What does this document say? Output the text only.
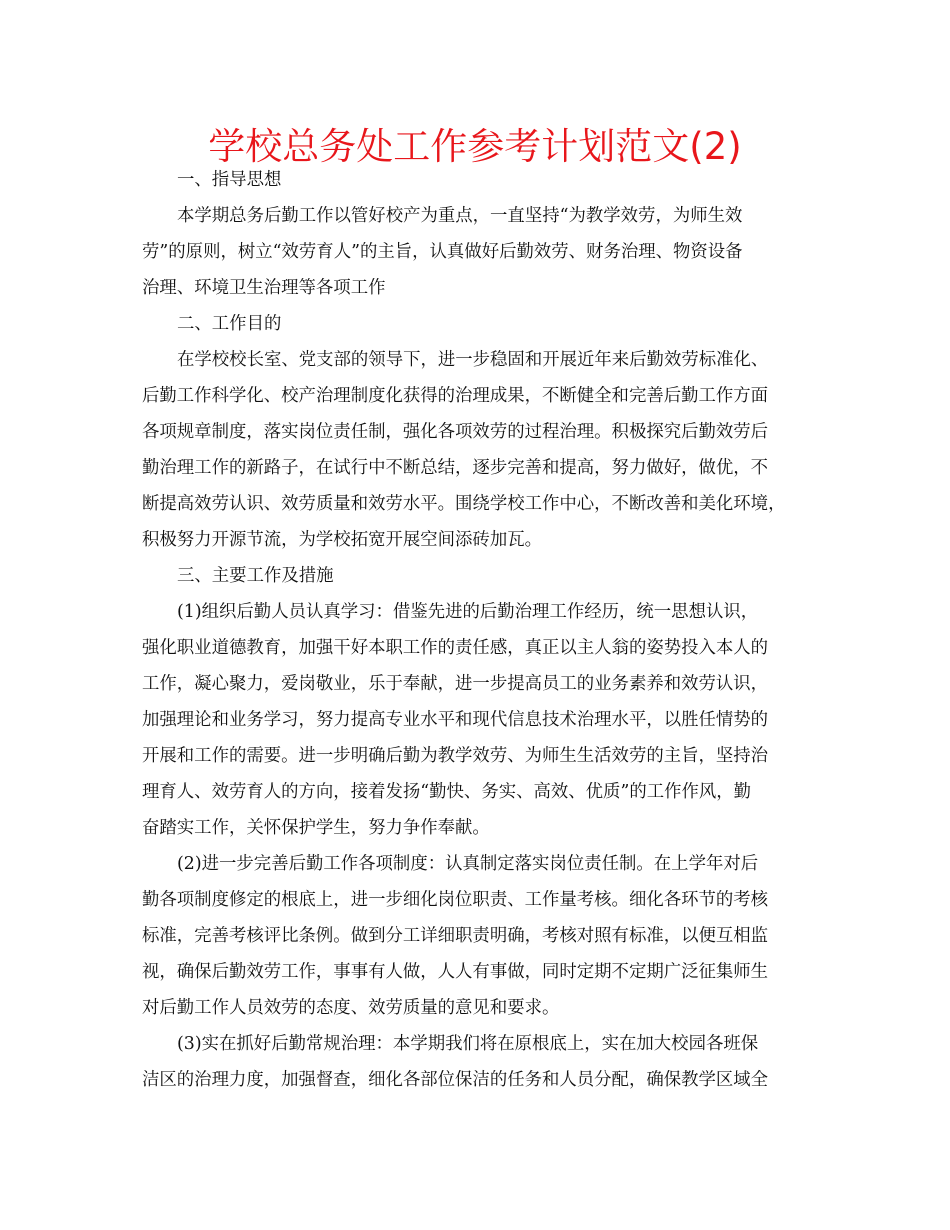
学校总务处工作参考计划范文(2)
一、指导思想
本学期总务后勤工作以管好校产为重点，一直坚持“为教学效劳，为师生效
劳”的原则，树立“效劳育人”的主旨，认真做好后勤效劳、财务治理、物资设备
治理、环境卫生治理等各项工作
二、工作目的
在学校校长室、党支部的领导下，进一步稳固和开展近年来后勤效劳标准化、
后勤工作科学化、校产治理制度化获得的治理成果，不断健全和完善后勤工作方面
各项规章制度，落实岗位责任制，强化各项效劳的过程治理。积极探究后勤效劳后
勤治理工作的新路子，在试行中不断总结，逐步完善和提高，努力做好，做优，不
断提高效劳认识、效劳质量和效劳水平。围绕学校工作中心，不断改善和美化环境，
积极努力开源节流，为学校拓宽开展空间添砖加瓦。
三、主要工作及措施
(1)组织后勤人员认真学习：借鉴先进的后勤治理工作经历，统一思想认识，
强化职业道德教育，加强干好本职工作的责任感，真正以主人翁的姿势投入本人的
工作，凝心聚力，爱岗敬业，乐于奉献，进一步提高员工的业务素养和效劳认识，
加强理论和业务学习，努力提高专业水平和现代信息技术治理水平，以胜任情势的
开展和工作的需要。进一步明确后勤为教学效劳、为师生生活效劳的主旨，坚持治
理育人、效劳育人的方向，接着发扬“勤快、务实、高效、优质”的工作作风，勤
奋踏实工作，关怀保护学生，努力争作奉献。
(2)进一步完善后勤工作各项制度：认真制定落实岗位责任制。在上学年对后
勤各项制度修定的根底上，进一步细化岗位职责、工作量考核。细化各环节的考核
标准，完善考核评比条例。做到分工详细职责明确，考核对照有标准，以便互相监
视，确保后勤效劳工作，事事有人做，人人有事做，同时定期不定期广泛征集师生
对后勤工作人员效劳的态度、效劳质量的意见和要求。
(3)实在抓好后勤常规治理：本学期我们将在原根底上，实在加大校园各班保
洁区的治理力度，加强督查，细化各部位保洁的任务和人员分配，确保教学区域全
